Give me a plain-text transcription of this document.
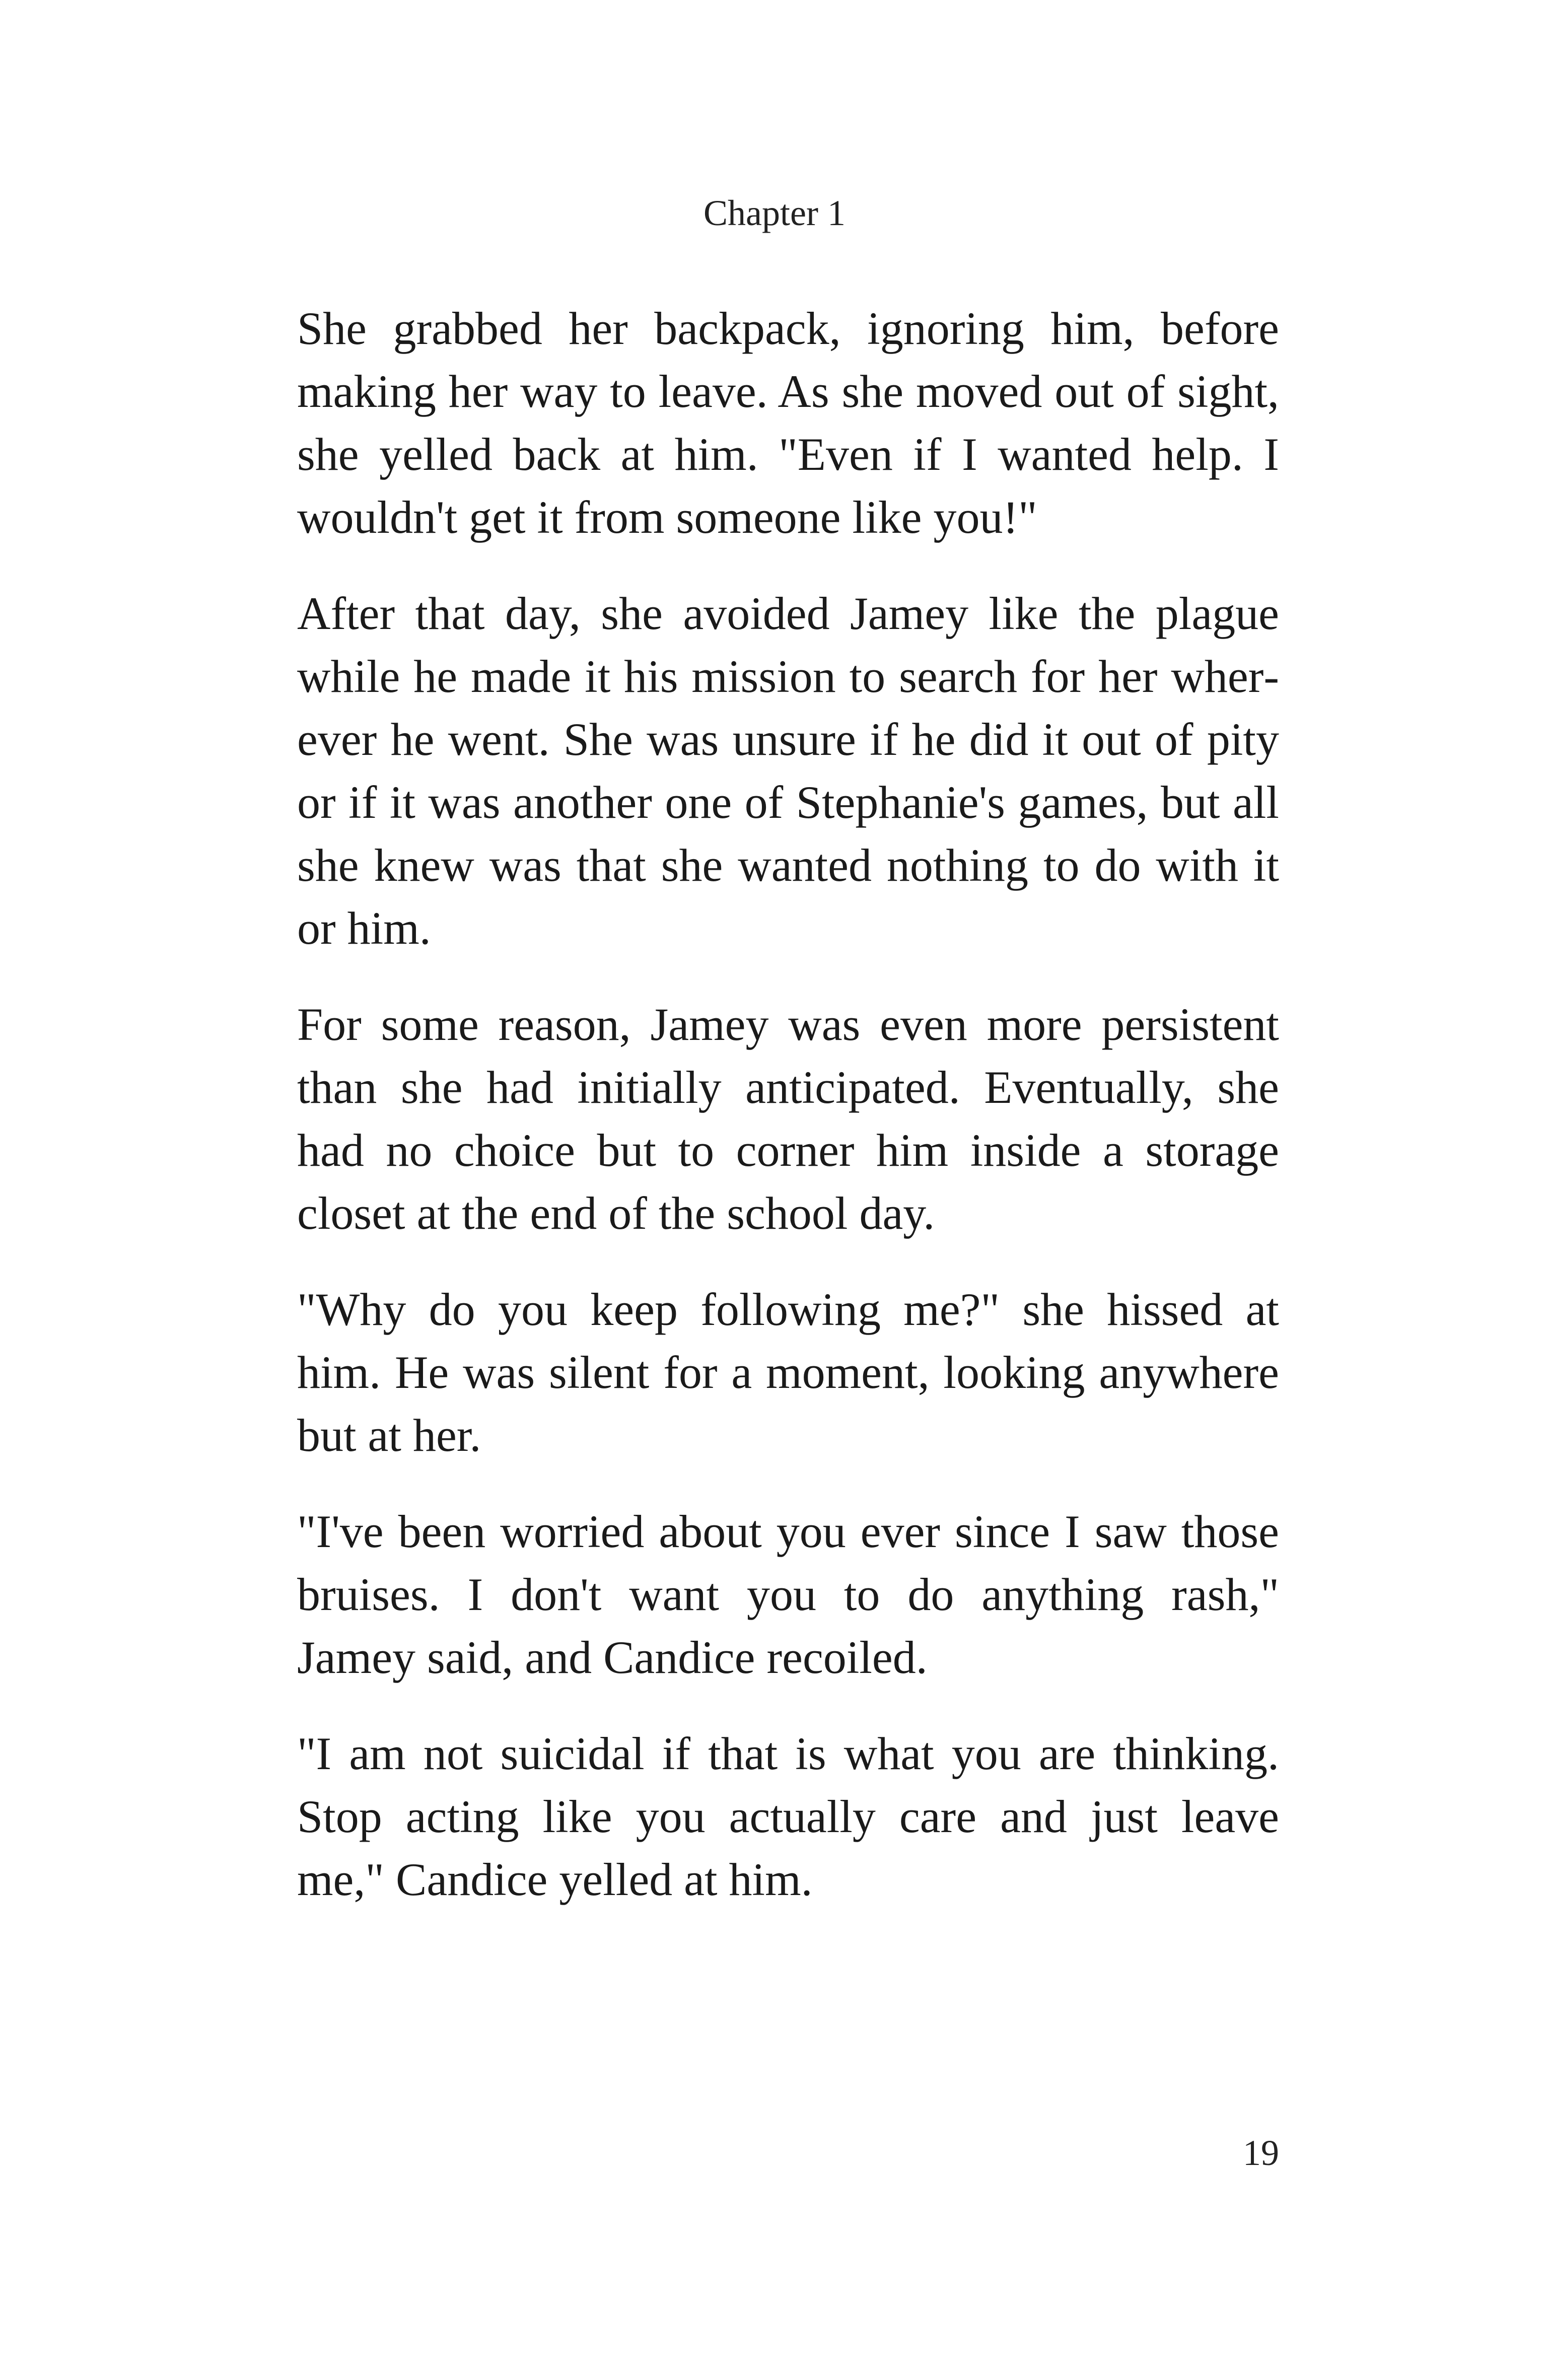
Chapter 1

She grabbed her backpack, ignoring him, before making her way to leave. As she moved out of sight, she yelled back at him. "Even if I wanted help. I wouldn't get it from someone like you!"

After that day, she avoided Jamey like the plague while he made it his mission to search for her wherever he went. She was unsure if he did it out of pity or if it was another one of Stephanie's games, but all she knew was that she wanted nothing to do with it or him.

For some reason, Jamey was even more persistent than she had initially anticipated. Eventually, she had no choice but to corner him inside a storage closet at the end of the school day.

"Why do you keep following me?" she hissed at him. He was silent for a moment, looking anywhere but at her.

"I've been worried about you ever since I saw those bruises. I don't want you to do anything rash," Jamey said, and Candice recoiled.

"I am not suicidal if that is what you are thinking. Stop acting like you actually care and just leave me," Candice yelled at him.

19
